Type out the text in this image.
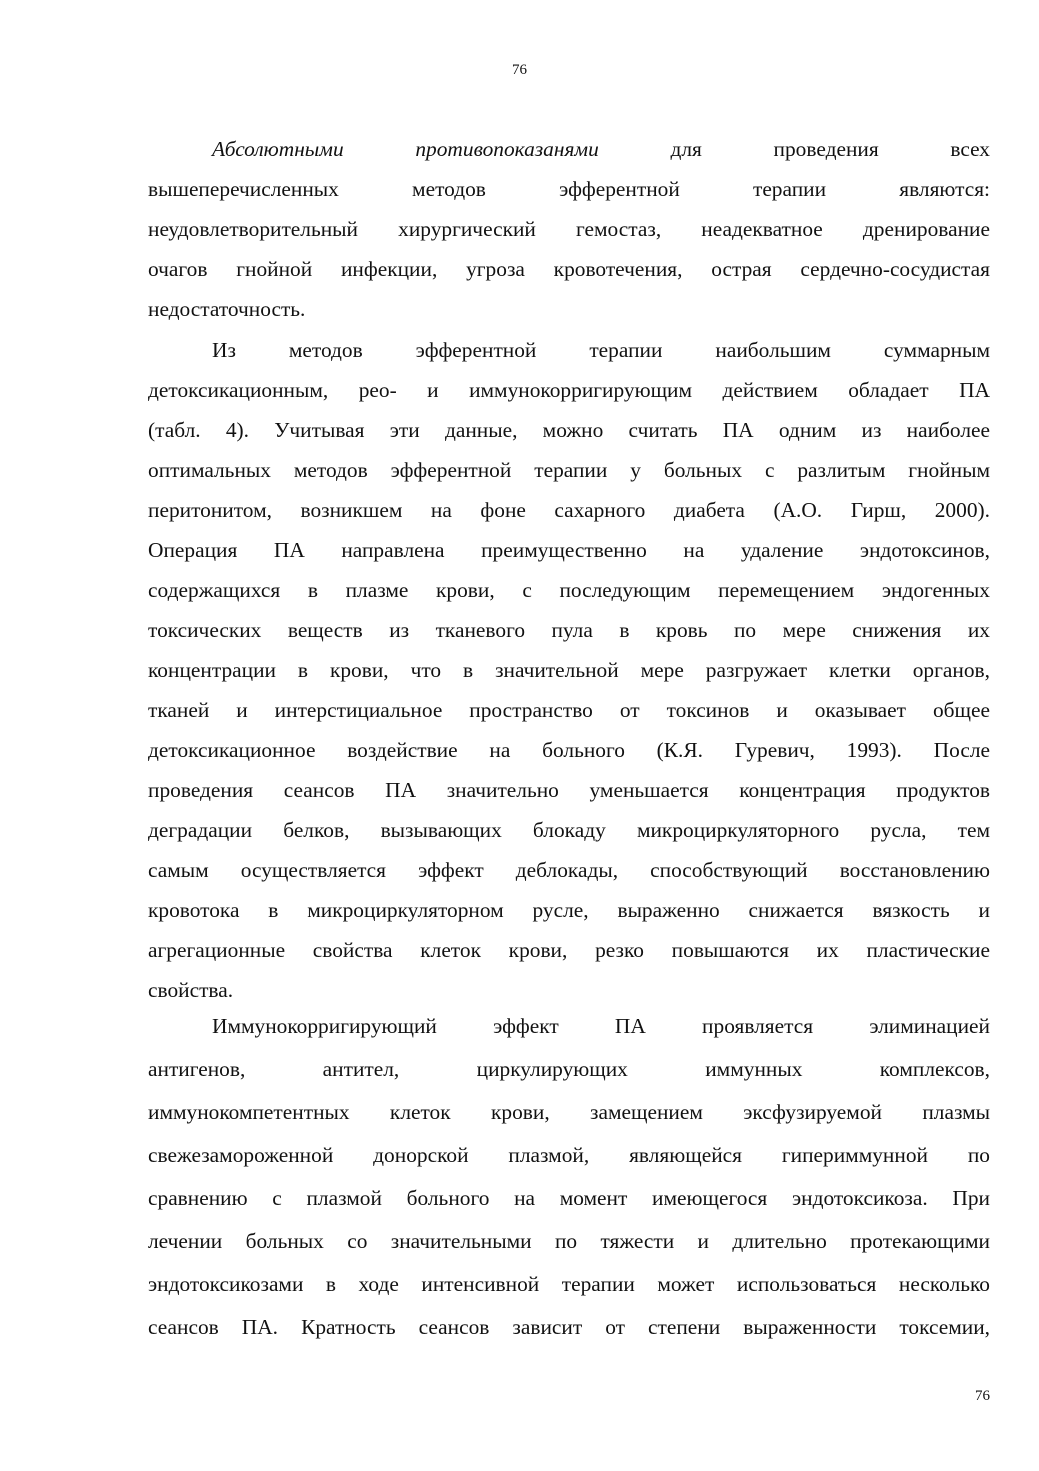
76
Абсолютными	противопоказанями	для проведения всех
вышеперечисленных методов эфферентной терапии являются:
неудовлетворительный хирургический гемостаз, неадекватное дренирование
очагов гнойной инфекции, угроза кровотечения, острая сердечно-сосудистая
недостаточность.
Из методов эфферентной терапии наибольшим суммарным
детоксикационным, рео- и иммунокорригирующим действием обладает ПА
(табл. 4). Учитывая эти данные, можно считать ПА одним из наиболее
оптимальных методов эфферентной терапии у больных с разлитым гнойным
перитонитом, возникшем на фоне сахарного диабета (А.О. Гирш, 2000).
Операция ПА направлена преимущественно на удаление эндотоксинов,
содержащихся в плазме крови, с последующим перемещением эндогенных
токсических веществ из тканевого пула в кровь по мере снижения их
концентрации в крови, что в значительной мере разгружает клетки органов,
тканей и интерстициальное пространство от токсинов и оказывает общее
детоксикационное воздействие на больного (К.Я. Гуревич, 1993). После
проведения сеансов ПА значительно уменьшается концентрация продуктов
деградации белков, вызывающих блокаду микроциркуляторного русла, тем
самым осуществляется эффект деблокады, способствующий восстановлению
кровотока в микроциркуляторном русле, выраженно снижается вязкость и
агрегационные свойства клеток крови, резко повышаются их пластические
свойства.
Иммунокорригирующий эффект ПА проявляется элиминацией
антигенов, антител, циркулирующих иммунных комплексов,
иммунокомпетентных клеток крови, замещением эксфузируемой плазмы
свежезамороженной донорской плазмой, являющейся гипериммунной по
сравнению с плазмой больного на момент имеющегося эндотоксикоза. При
лечении больных со значительными по тяжести и длительно протекающими
эндотоксикозами в ходе интенсивной терапии может использоваться несколько
сеансов ПА. Кратность сеансов зависит от степени выраженности токсемии,
76
